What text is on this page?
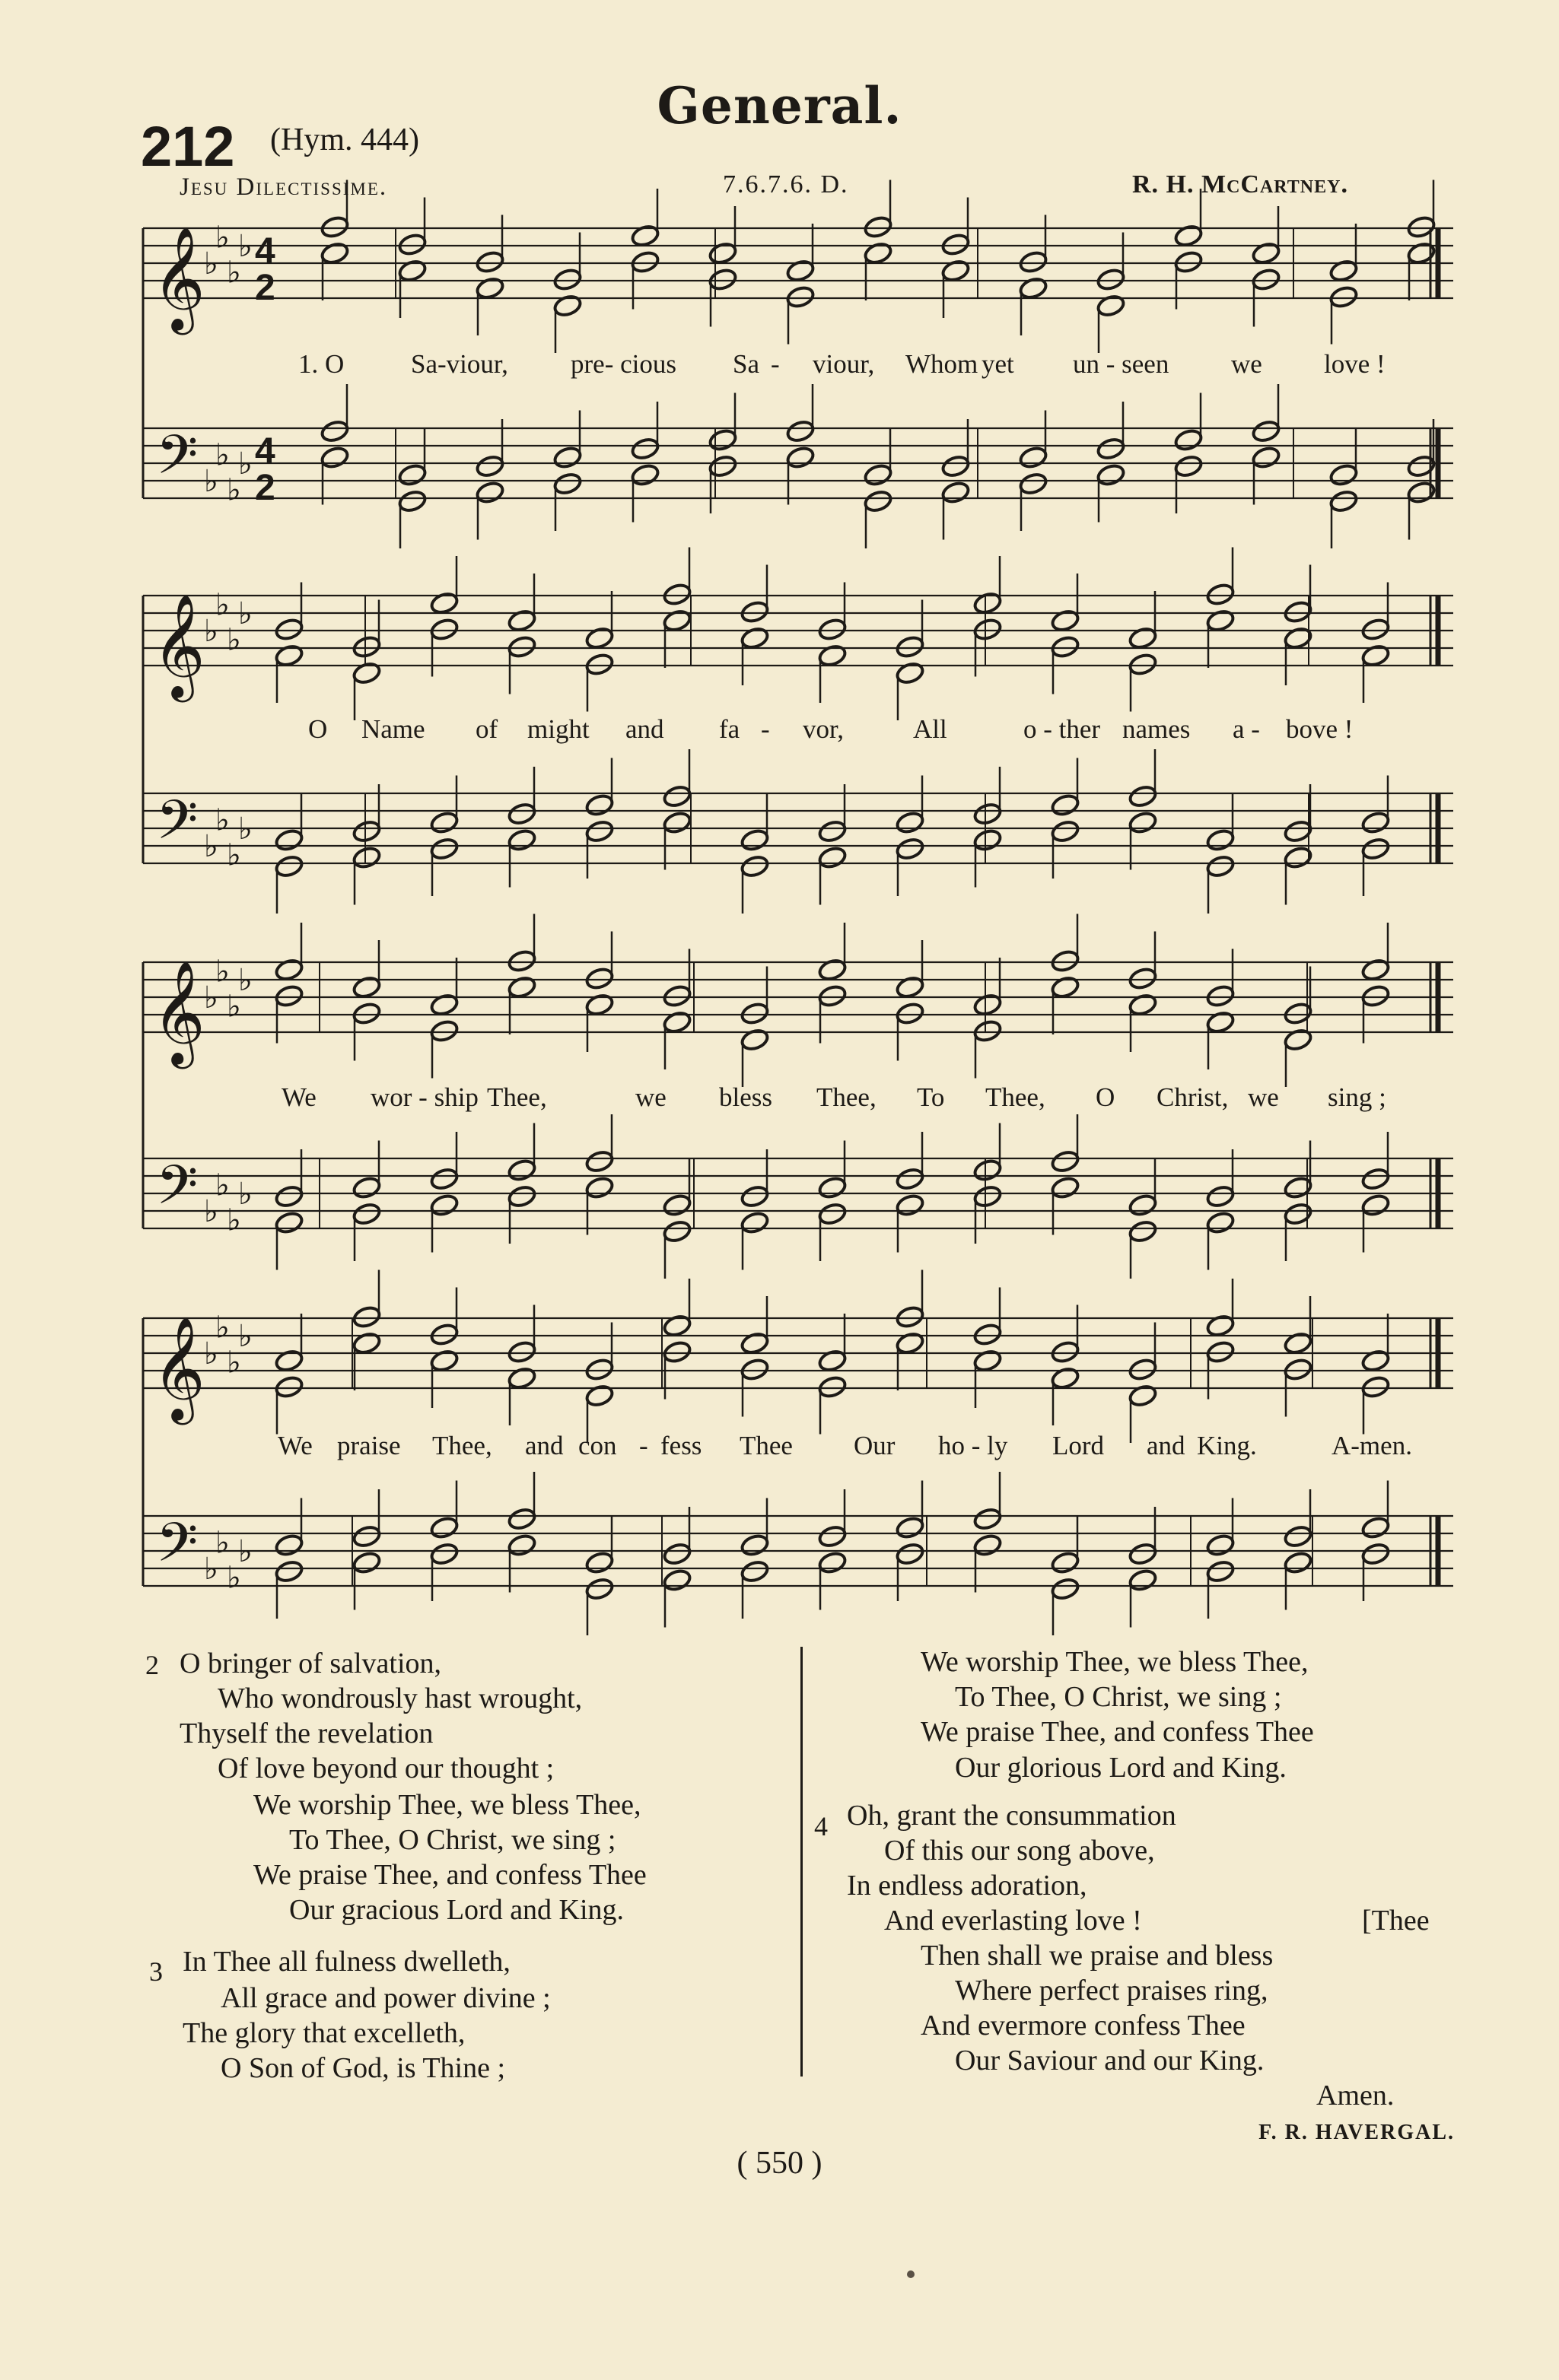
212 (Hym. 444)
General.
Jesu Dilectissime.	7.6.7.6. D.	R. H. McCartney.
𝄞
𝄢
♭
♭
♭
♭
♭
♭
♭
♭
4
2
4
2
1. O	Sa-viour, pre- cious Sa - viour, Whom yet un - seen we love !
𝄞
𝄢
♭
♭
♭
♭
♭
♭
♭
♭
O Name of might and fa - vor,	All	o - ther names a - bove !
𝄞
𝄢
♭
♭
♭
♭
♭
♭
♭
♭
We wor - ship Thee,	we bless Thee, To Thee, O Christ, we sing ;
𝄞
𝄢
♭
♭
♭
♭
♭
♭
♭
♭
We praise Thee, and con - fess Thee Our ho - ly Lord and King.	A-men.
2 O bringer of salvation,
Who wondrously hast wrought,
Thyself the revelation
Of love beyond our thought ;
We worship Thee, we bless Thee,
To Thee, O Christ, we sing ;
We praise Thee, and confess Thee
Our gracious Lord and King.
3 In Thee all fulness dwelleth,
All grace and power divine ;
The glory that excelleth,
O Son of God, is Thine ;
We worship Thee, we bless Thee,
To Thee, O Christ, we sing ;
We praise Thee, and confess Thee
Our glorious Lord and King.
4 Oh, grant the consummation
Of this our song above,
In endless adoration,
And everlasting love !	[Thee
Then shall we praise and bless
Where perfect praises ring,
And evermore confess Thee
Our Saviour and our King.
Amen.
F. R. HAVERGAL.
( 550 )
